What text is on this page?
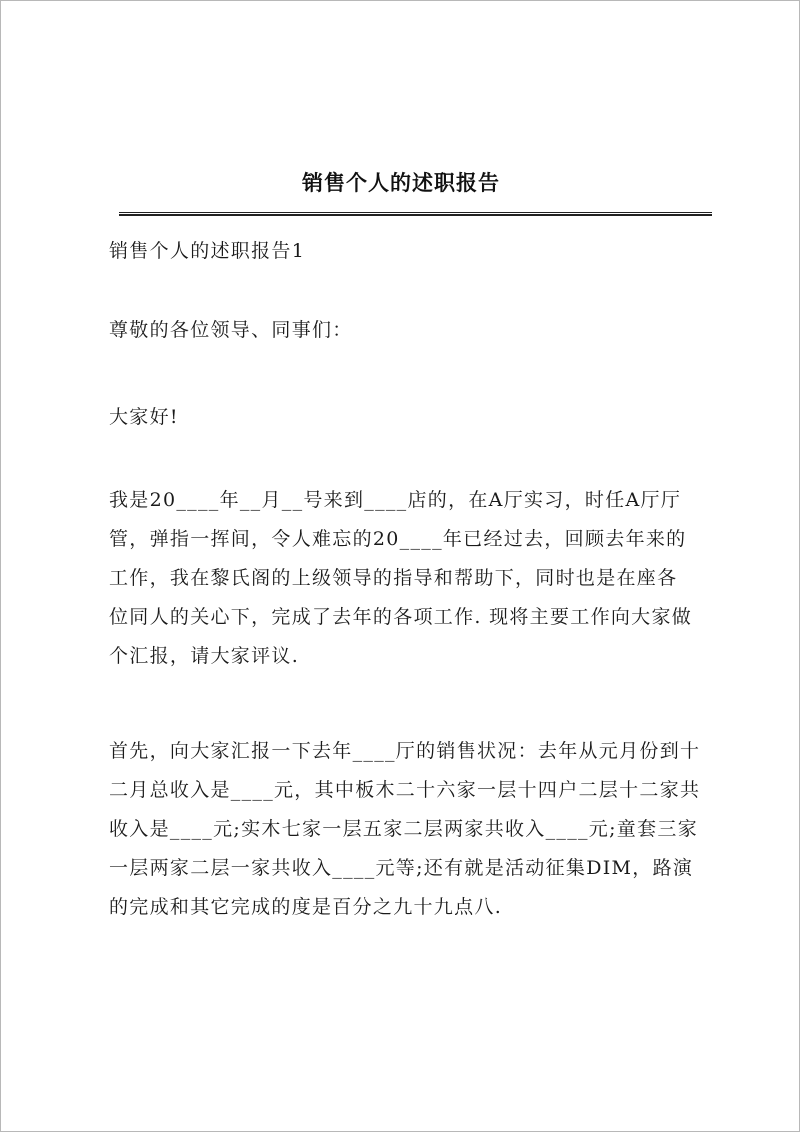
销售个人的述职报告

销售个人的述职报告1

尊敬的各位领导、同事们：

大家好!

我是20____年__月__号来到____店的，在A厅实习，时任A厅厅管，弹指一挥间，令人难忘的20____年已经过去，回顾去年来的工作，我在黎氏阁的上级领导的指导和帮助下，同时也是在座各位同人的关心下，完成了去年的各项工作. 现将主要工作向大家做个汇报，请大家评议.

首先，向大家汇报一下去年____厅的销售状况：去年从元月份到十二月总收入是____元，其中板木二十六家一层十四户二层十二家共收入是____元;实木七家一层五家二层两家共收入____元;童套三家一层两家二层一家共收入____元等;还有就是活动征集DIM，路演的完成和其它完成的度是百分之九十九点八.
